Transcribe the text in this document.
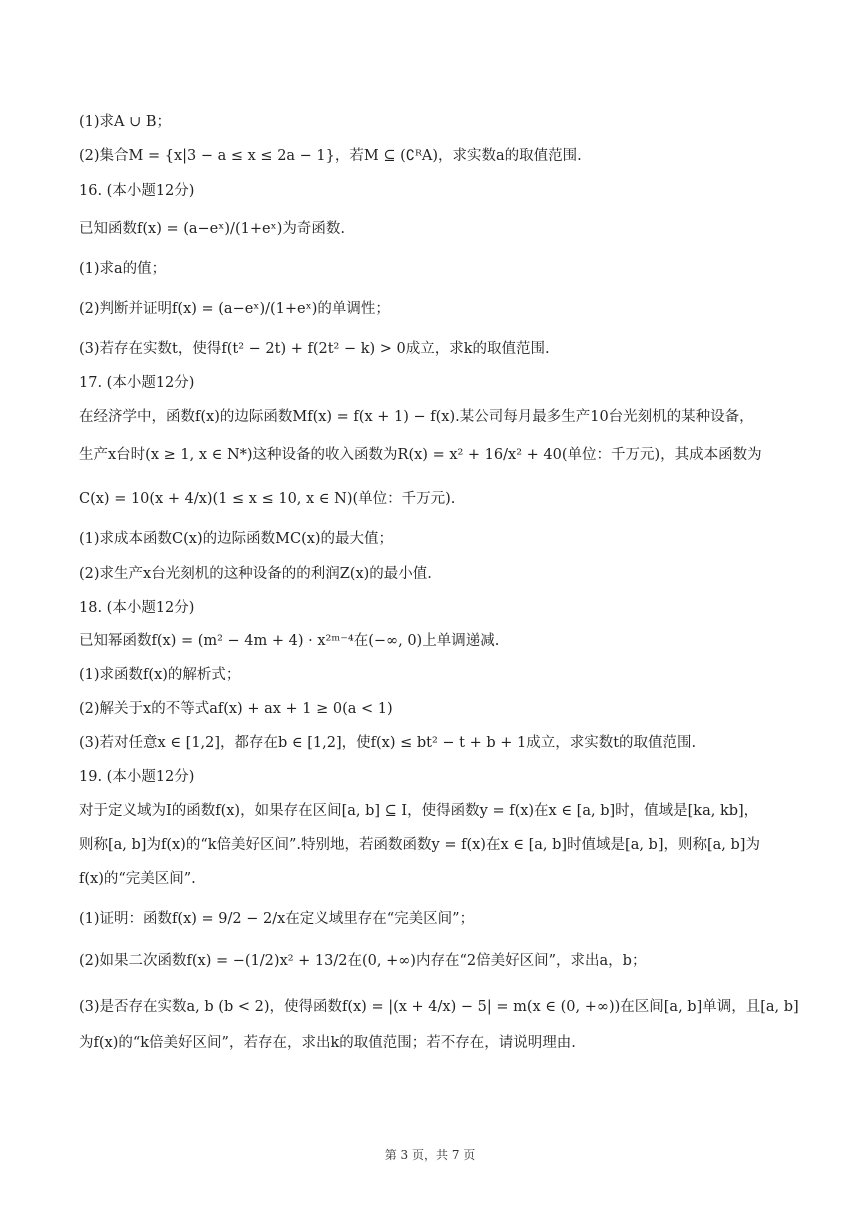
(1)求A ∪ B；
(2)集合M = {x|3 − a ≤ x ≤ 2a − 1}，若M ⊆ (∁ᴿA)，求实数a的取值范围.
16. (本小题12分)
已知函数f(x) = (a−eˣ)/(1+eˣ)为奇函数.
(1)求a的值；
(2)判断并证明f(x) = (a−eˣ)/(1+eˣ)的单调性；
(3)若存在实数t，使得f(t² − 2t) + f(2t² − k) > 0成立，求k的取值范围.
17. (本小题12分)
在经济学中，函数f(x)的边际函数Mf(x) = f(x + 1) − f(x).某公司每月最多生产10台光刻机的某种设备，
生产x台时(x ≥ 1, x ∈ N*)这种设备的收入函数为R(x) = x² + 16/x² + 40(单位：千万元)，其成本函数为
C(x) = 10(x + 4/x)(1 ≤ x ≤ 10, x ∈ N)(单位：千万元).
(1)求成本函数C(x)的边际函数MC(x)的最大值；
(2)求生产x台光刻机的这种设备的的利润Z(x)的最小值.
18. (本小题12分)
已知幂函数f(x) = (m² − 4m + 4) · x²ᵐ⁻⁴在(−∞, 0)上单调递减.
(1)求函数f(x)的解析式；
(2)解关于x的不等式af(x) + ax + 1 ≥ 0(a < 1)
(3)若对任意x ∈ [1,2]，都存在b ∈ [1,2]，使f(x) ≤ bt² − t + b + 1成立，求实数t的取值范围.
19. (本小题12分)
对于定义域为I的函数f(x)，如果存在区间[a, b] ⊆ I，使得函数y = f(x)在x ∈ [a, b]时，值域是[ka, kb]，
则称[a, b]为f(x)的“k倍美好区间”.特别地，若函数函数y = f(x)在x ∈ [a, b]时值域是[a, b]，则称[a, b]为
f(x)的“完美区间”.
(1)证明：函数f(x) = 9/2 − 2/x在定义域里存在“完美区间”；
(2)如果二次函数f(x) = −(1/2)x² + 13/2在(0, +∞)内存在“2倍美好区间”，求出a，b；
(3)是否存在实数a, b (b < 2)，使得函数f(x) = |(x + 4/x) − 5| = m(x ∈ (0, +∞))在区间[a, b]单调，且[a, b]
为f(x)的“k倍美好区间”，若存在，求出k的取值范围；若不存在，请说明理由.
第 3 页，共 7 页
